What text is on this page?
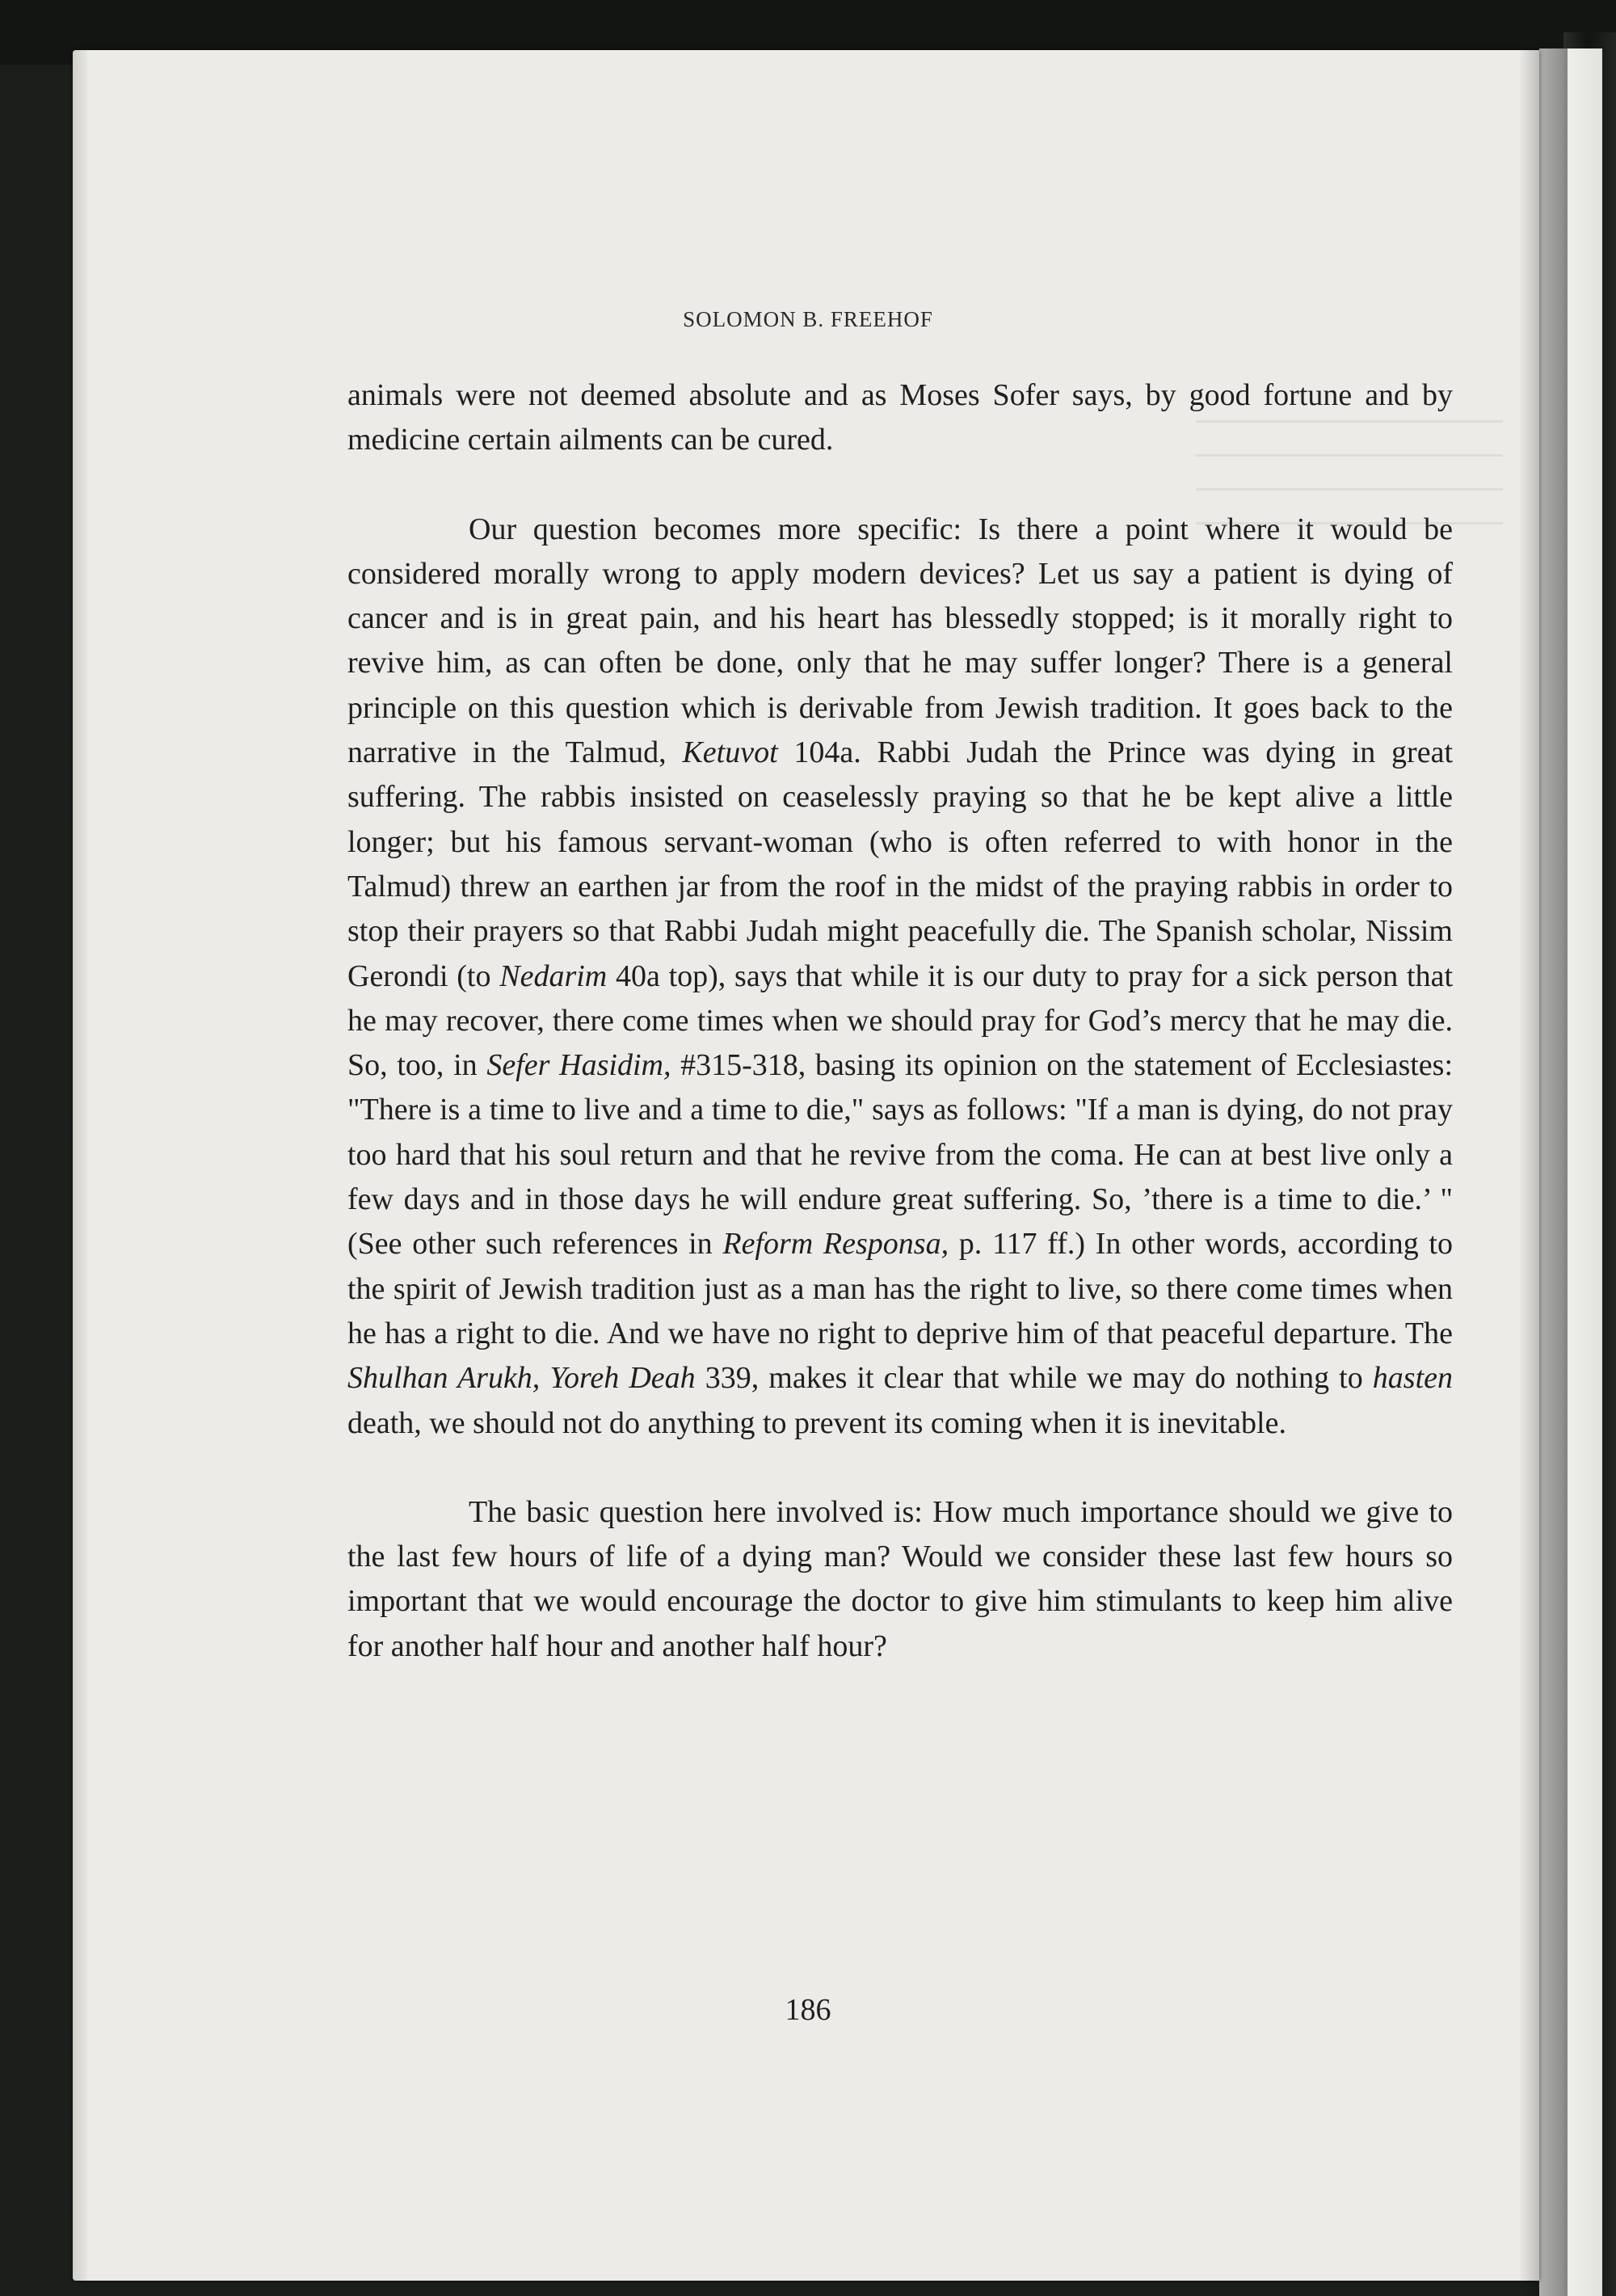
SOLOMON B. FREEHOF

animals were not deemed absolute and as Moses Sofer says, by good fortune and by medicine certain ailments can be cured.

Our question becomes more specific: Is there a point where it would be considered morally wrong to apply modern devices? Let us say a patient is dying of cancer and is in great pain, and his heart has blessedly stopped; is it morally right to revive him, as can often be done, only that he may suffer longer? There is a general principle on this question which is derivable from Jewish tradition. It goes back to the narrative in the Talmud, Ketuvot 104a. Rabbi Judah the Prince was dying in great suffering. The rabbis insisted on ceaselessly praying so that he be kept alive a little longer; but his famous servant-woman (who is often referred to with honor in the Talmud) threw an earthen jar from the roof in the midst of the praying rabbis in order to stop their prayers so that Rabbi Judah might peacefully die. The Spanish scholar, Nissim Gerondi (to Nedarim 40a top), says that while it is our duty to pray for a sick person that he may recover, there come times when we should pray for God’s mercy that he may die. So, too, in Sefer Hasidim, #315-318, basing its opinion on the statement of Ecclesiastes: "There is a time to live and a time to die," says as follows: "If a man is dying, do not pray too hard that his soul return and that he revive from the coma. He can at best live only a few days and in those days he will endure great suffering. So, ’there is a time to die.’ " (See other such references in Reform Responsa, p. 117 ff.) In other words, according to the spirit of Jewish tradition just as a man has the right to live, so there come times when he has a right to die. And we have no right to deprive him of that peaceful departure. The Shulhan Arukh, Yoreh Deah 339, makes it clear that while we may do nothing to hasten death, we should not do anything to prevent its coming when it is inevitable.

The basic question here involved is: How much importance should we give to the last few hours of life of a dying man? Would we consider these last few hours so important that we would encourage the doctor to give him stimulants to keep him alive for another half hour and another half hour?

186
